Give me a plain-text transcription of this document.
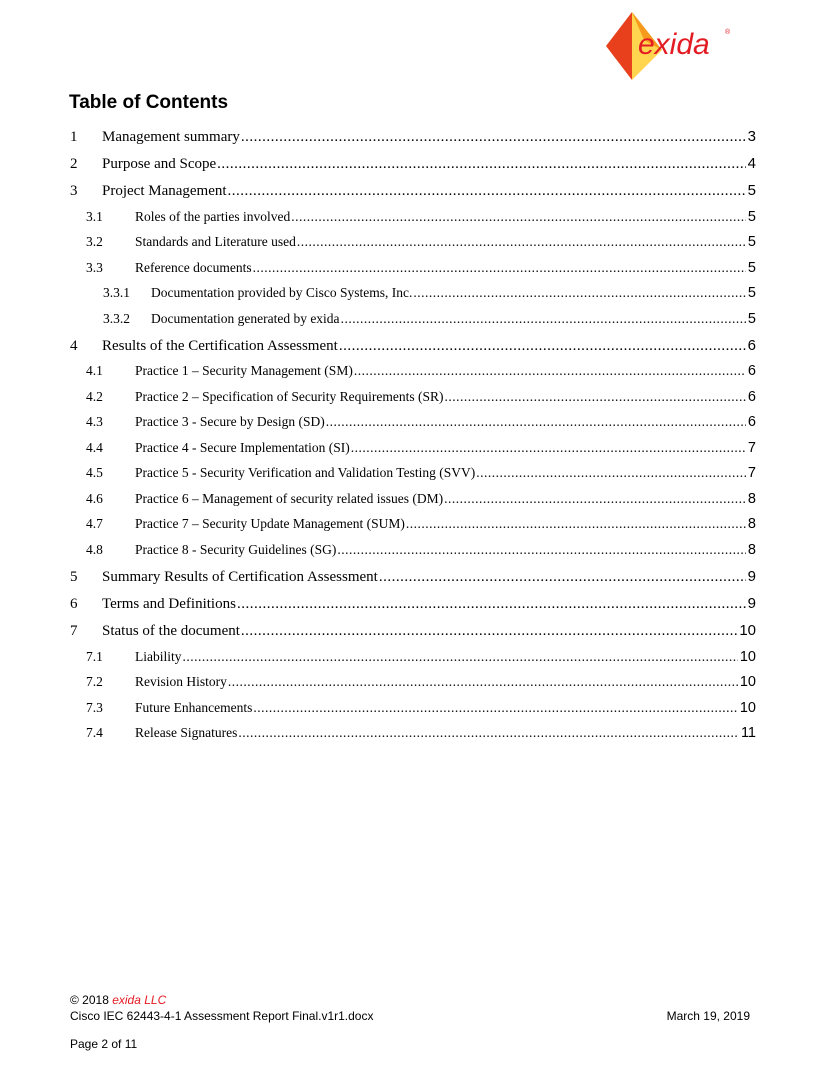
exida ®
Table of Contents
1 Management summary .....	3
2 Purpose and Scope .....	4
3 Project Management .....	5
3.1 Roles of the parties involved .....	5
3.2 Standards and Literature used .....	5
3.3 Reference documents .....	5
3.3.1 Documentation provided by Cisco Systems, Inc. .....	5
3.3.2 Documentation generated by exida .....	5
4 Results of the Certification Assessment .....	6
4.1 Practice 1 – Security Management (SM) .....	6
4.2 Practice 2 – Specification of Security Requirements (SR) .....	6
4.3 Practice 3 - Secure by Design (SD) .....	6
4.4 Practice 4 - Secure Implementation (SI) .....	7
4.5 Practice 5 - Security Verification and Validation Testing (SVV) .....	7
4.6 Practice 6 – Management of security related issues (DM) .....	8
4.7 Practice 7 – Security Update Management (SUM) .....	8
4.8 Practice 8 - Security Guidelines (SG) .....	8
5 Summary Results of Certification Assessment .....	9
6 Terms and Definitions .....	9
7 Status of the document .....	10
7.1 Liability .....	10
7.2 Revision History .....	10
7.3 Future Enhancements .....	10
7.4 Release Signatures .....	11
© 2018 exida LLC
Cisco IEC 62443-4-1 Assessment Report Final.v1r1.docx	March 19, 2019
Page 2 of 11
